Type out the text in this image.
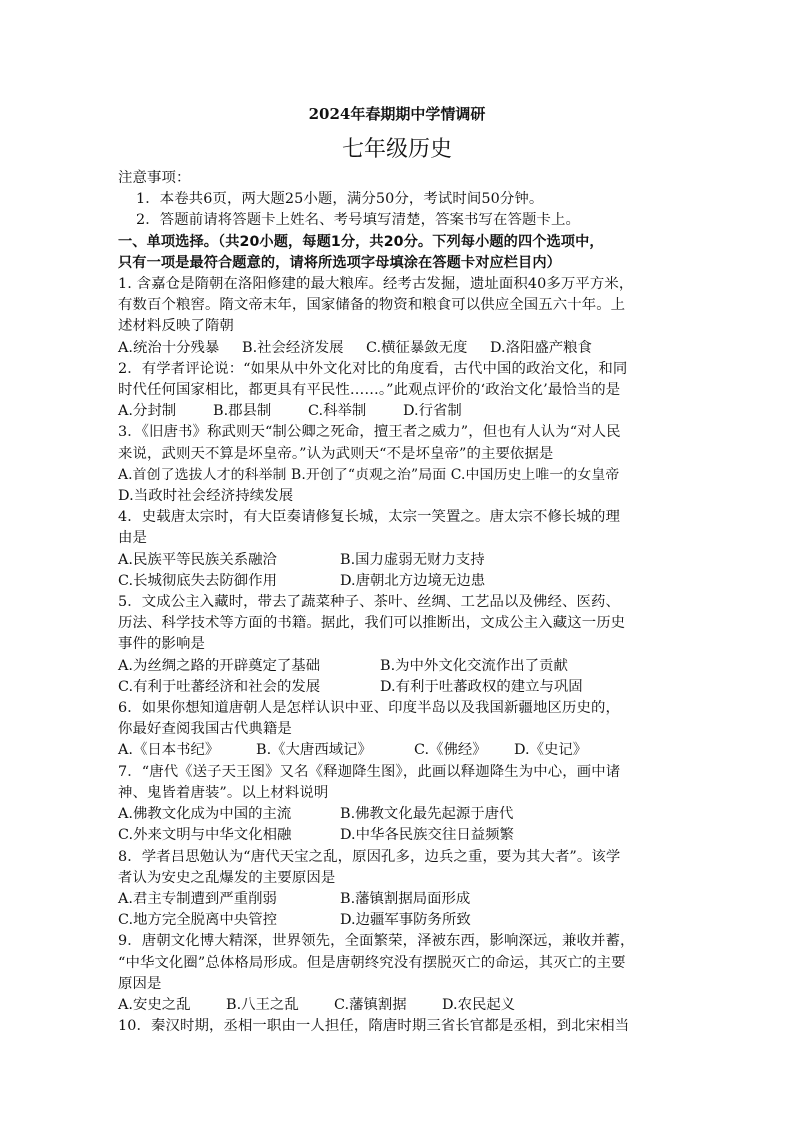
2024年春期期中学情调研
七年级历史
注意事项：
1．本卷共6页，两大题25小题，满分50分，考试时间50分钟。
2．答题前请将答题卡上姓名、考号填写清楚，答案书写在答题卡上。
一、单项选择。（共20小题，每题1分，共20分。下列每小题的四个选项中，
只有一项是最符合题意的，请将所选项字母填涂在答题卡对应栏目内）
1. 含嘉仓是隋朝在洛阳修建的最大粮库。经考古发掘，遗址面积40多万平方米，
有数百个粮窖。隋文帝末年，国家储备的物资和粮食可以供应全国五六十年。上
述材料反映了隋朝
A.统治十分残暴	B.社会经济发展	C.横征暴敛无度	D.洛阳盛产粮食
2．有学者评论说：“如果从中外文化对比的角度看，古代中国的政治文化，和同
时代任何国家相比，都更具有平民性……。”此观点评价的‘政治文化’最恰当的是
A.分封制	B.郡县制	C.科举制	D.行省制
3．《旧唐书》称武则天“制公卿之死命，擅王者之威力”，但也有人认为“对人民
来说，武则天不算是坏皇帝。”认为武则天“不是坏皇帝”的主要依据是
A.首创了选拔人才的科举制 B.开创了“贞观之治”局面 C.中国历史上唯一的女皇帝
D.当政时社会经济持续发展
4．史载唐太宗时，有大臣奏请修复长城，太宗一笑置之。唐太宗不修长城的理
由是
A.民族平等民族关系融洽	B.国力虚弱无财力支持
C.长城彻底失去防御作用	D.唐朝北方边境无边患
5．文成公主入藏时，带去了蔬菜种子、茶叶、丝绸、工艺品以及佛经、医药、
历法、科学技术等方面的书籍。据此，我们可以推断出，文成公主入藏这一历史
事件的影响是
A.为丝绸之路的开辟奠定了基础	B.为中外文化交流作出了贡献
C.有利于吐蕃经济和社会的发展	D.有利于吐蕃政权的建立与巩固
6．如果你想知道唐朝人是怎样认识中亚、印度半岛以及我国新疆地区历史的，
你最好查阅我国古代典籍是
A.《日本书纪》	B.《大唐西域记》	C.《佛经》	D.《史记》
7．“唐代《送子天王图》又名《释迦降生图》，此画以释迦降生为中心，画中诸
神、鬼皆着唐装”。以上材料说明
A.佛教文化成为中国的主流	B.佛教文化最先起源于唐代
C.外来文明与中华文化相融	D.中华各民族交往日益频繁
8．学者吕思勉认为“唐代天宝之乱，原因孔多，边兵之重，要为其大者”。该学
者认为安史之乱爆发的主要原因是
A.君主专制遭到严重削弱	B.藩镇割据局面形成
C.地方完全脱离中央管控	D.边疆军事防务所致
9．唐朝文化博大精深，世界领先，全面繁荣，泽被东西，影响深远，兼收并蓄，
“中华文化圈”总体格局形成。但是唐朝终究没有摆脱灭亡的命运，其灭亡的主要
原因是
A.安史之乱	B.八王之乱	C.藩镇割据	D.农民起义
10．秦汉时期，丞相一职由一人担任，隋唐时期三省长官都是丞相，到北宋相当
